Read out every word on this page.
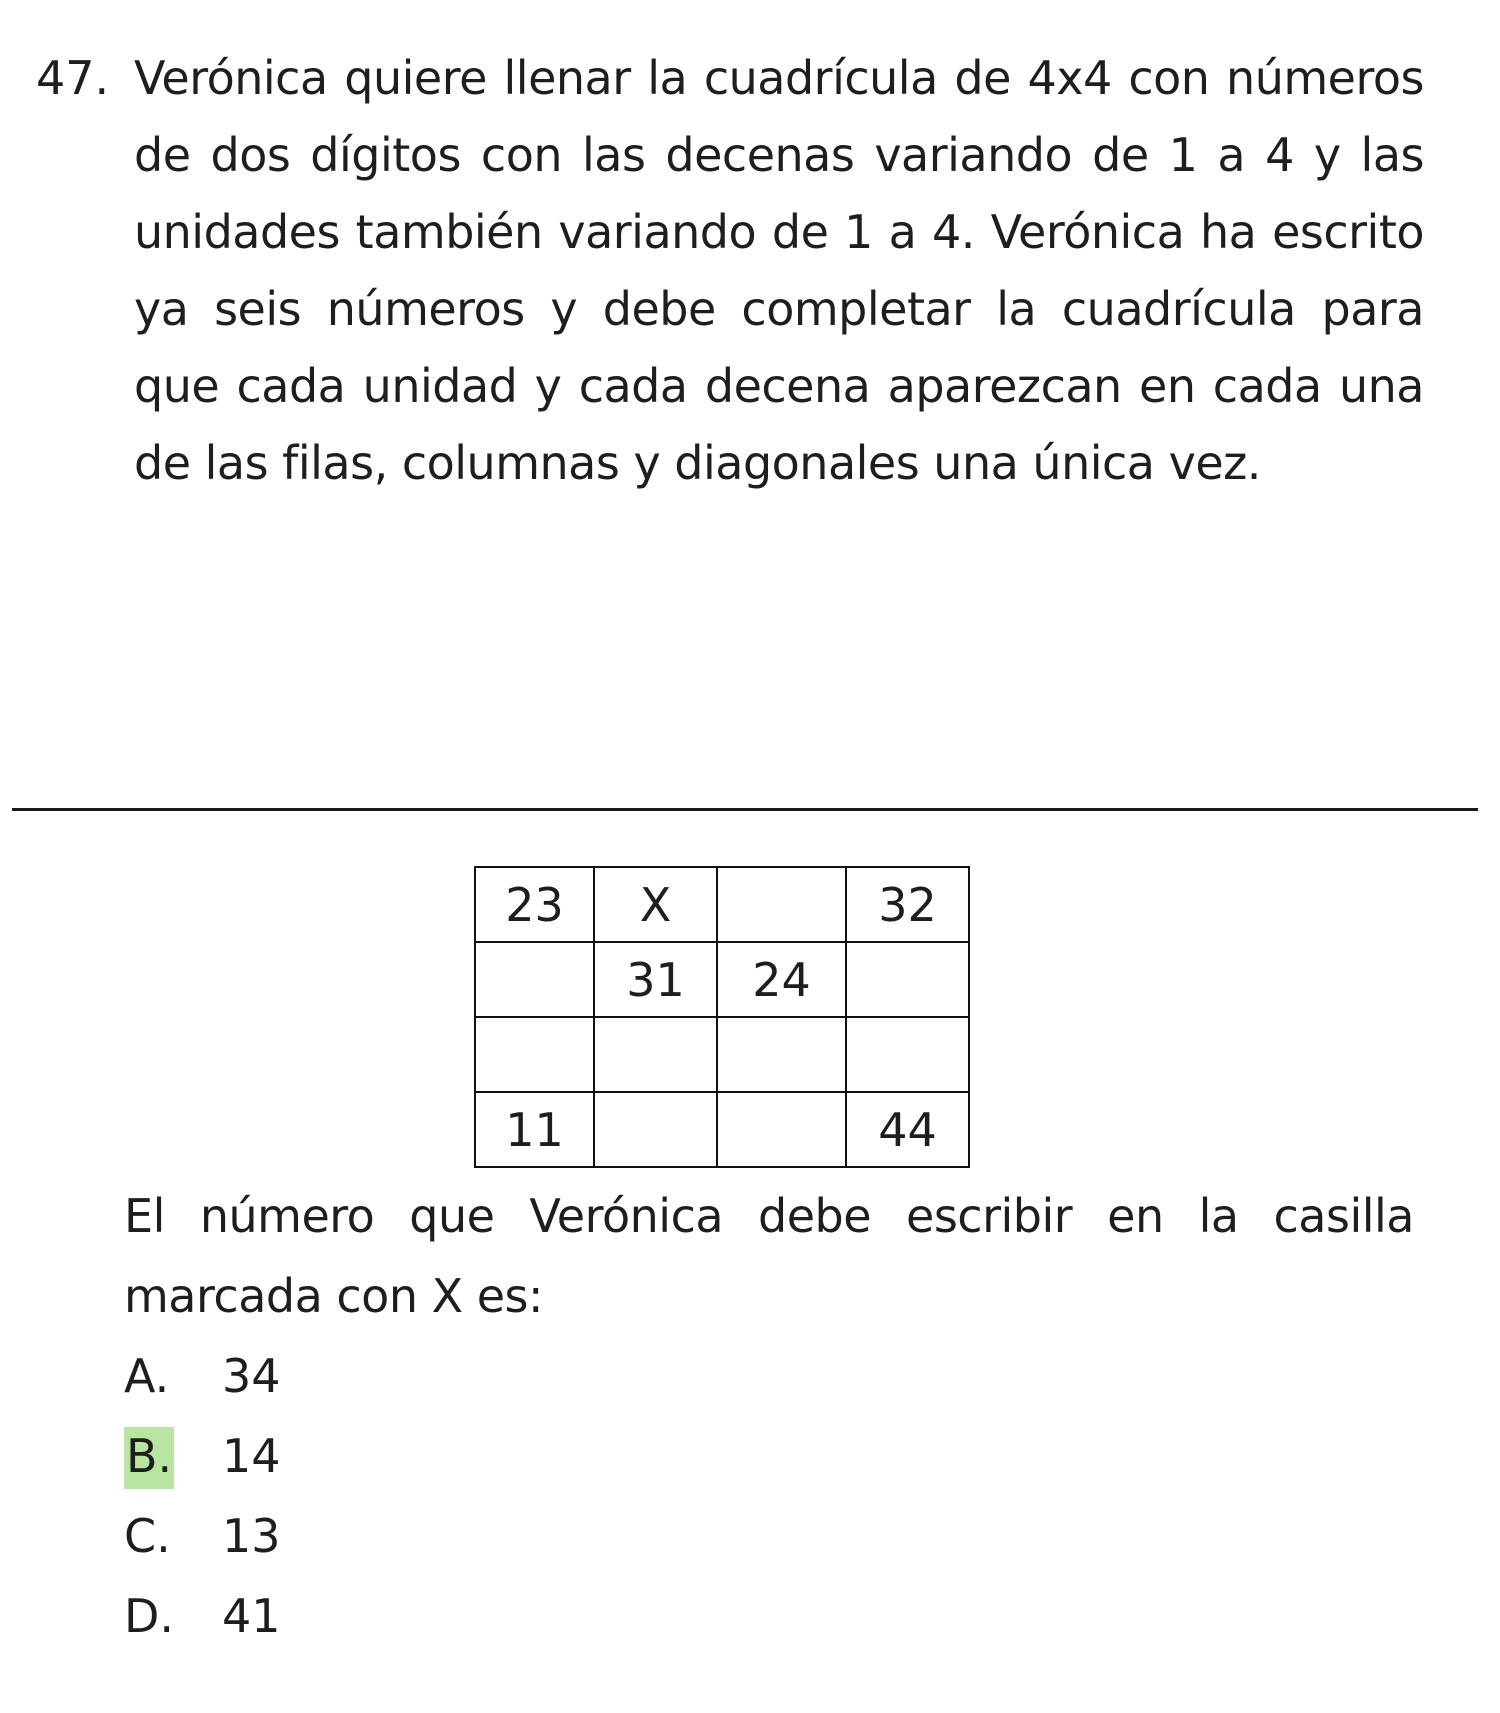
47. Verónica quiere llenar la cuadrícula de 4x4 con números de dos dígitos con las decenas variando de 1 a 4 y las unidades también variando de 1 a 4. Verónica ha escrito ya seis números y debe completar la cuadrícula para que cada unidad y cada decena aparezcan en cada una de las filas, columnas y diagonales una única vez.
23	X		32
	31	24	

11			44
El número que Verónica debe escribir en la casilla marcada con X es:
A. 34
B. 14
C. 13
D. 41
